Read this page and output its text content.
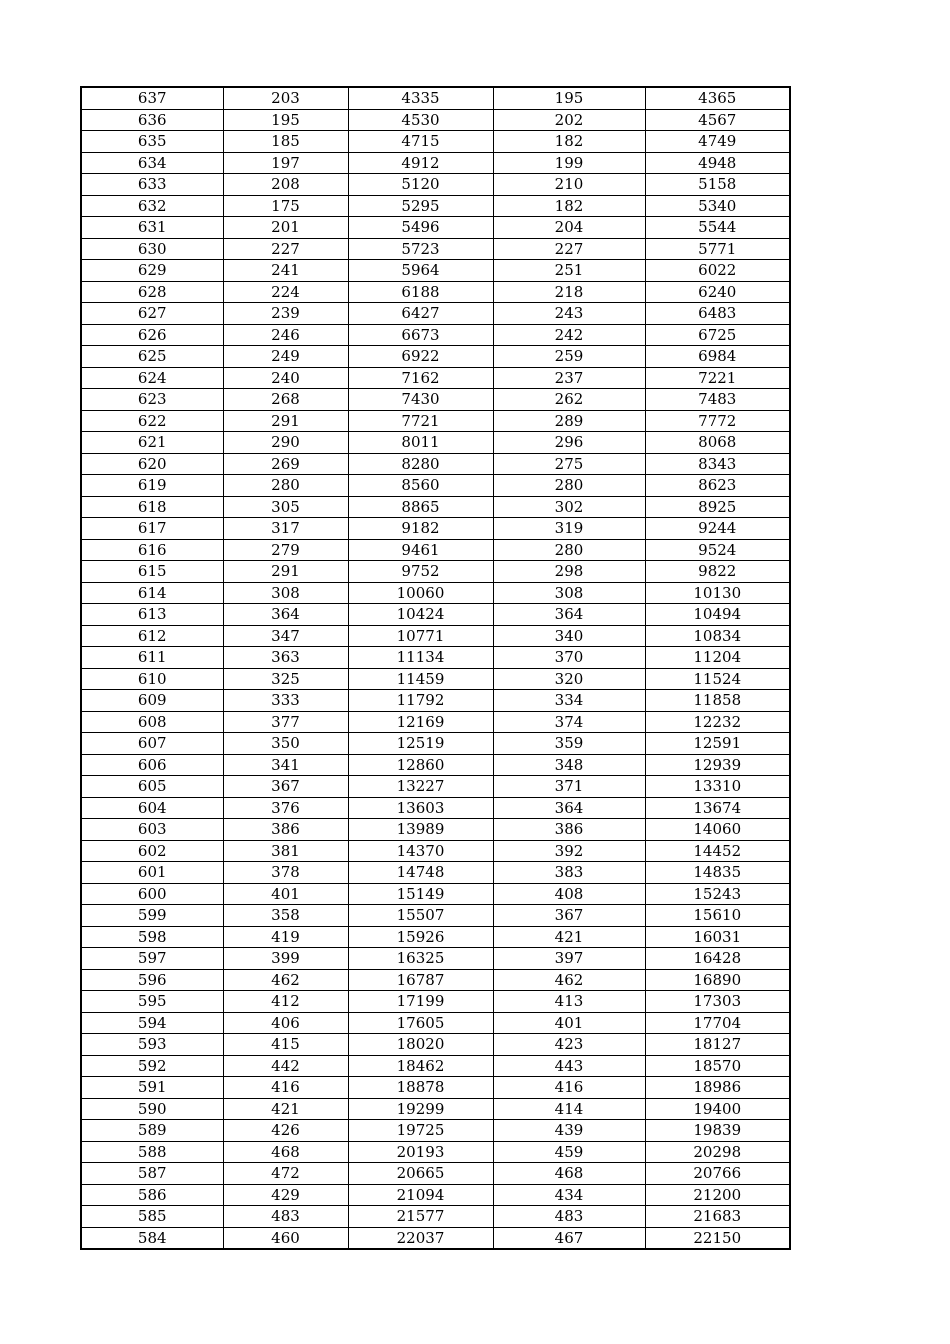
637	203	4335	195	4365
636	195	4530	202	4567
635	185	4715	182	4749
634	197	4912	199	4948
633	208	5120	210	5158
632	175	5295	182	5340
631	201	5496	204	5544
630	227	5723	227	5771
629	241	5964	251	6022
628	224	6188	218	6240
627	239	6427	243	6483
626	246	6673	242	6725
625	249	6922	259	6984
624	240	7162	237	7221
623	268	7430	262	7483
622	291	7721	289	7772
621	290	8011	296	8068
620	269	8280	275	8343
619	280	8560	280	8623
618	305	8865	302	8925
617	317	9182	319	9244
616	279	9461	280	9524
615	291	9752	298	9822
614	308	10060	308	10130
613	364	10424	364	10494
612	347	10771	340	10834
611	363	11134	370	11204
610	325	11459	320	11524
609	333	11792	334	11858
608	377	12169	374	12232
607	350	12519	359	12591
606	341	12860	348	12939
605	367	13227	371	13310
604	376	13603	364	13674
603	386	13989	386	14060
602	381	14370	392	14452
601	378	14748	383	14835
600	401	15149	408	15243
599	358	15507	367	15610
598	419	15926	421	16031
597	399	16325	397	16428
596	462	16787	462	16890
595	412	17199	413	17303
594	406	17605	401	17704
593	415	18020	423	18127
592	442	18462	443	18570
591	416	18878	416	18986
590	421	19299	414	19400
589	426	19725	439	19839
588	468	20193	459	20298
587	472	20665	468	20766
586	429	21094	434	21200
585	483	21577	483	21683
584	460	22037	467	22150
